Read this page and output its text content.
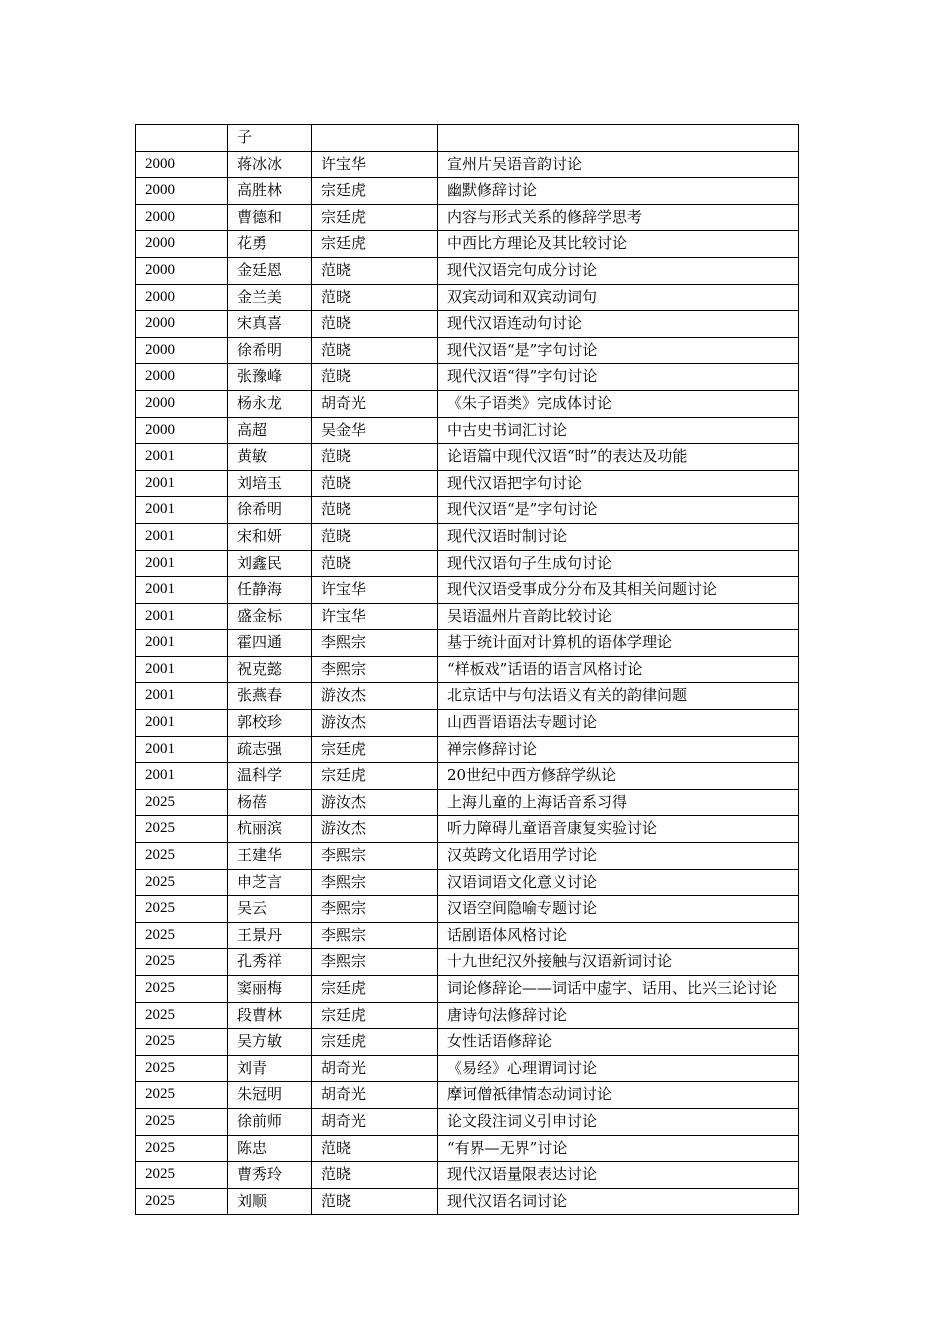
	子		
2000	蒋冰冰	许宝华	宣州片吴语音韵讨论
2000	高胜林	宗廷虎	幽默修辞讨论
2000	曹德和	宗廷虎	内容与形式关系的修辞学思考
2000	花勇	宗廷虎	中西比方理论及其比较讨论
2000	金廷恩	范晓	现代汉语完句成分讨论
2000	金兰美	范晓	双宾动词和双宾动词句
2000	宋真喜	范晓	现代汉语连动句讨论
2000	徐希明	范晓	现代汉语“是”字句讨论
2000	张豫峰	范晓	现代汉语“得”字句讨论
2000	杨永龙	胡奇光	《朱子语类》完成体讨论
2000	高超	吴金华	中古史书词汇讨论
2001	黄敏	范晓	论语篇中现代汉语“时”的表达及功能
2001	刘培玉	范晓	现代汉语把字句讨论
2001	徐希明	范晓	现代汉语“是”字句讨论
2001	宋和妍	范晓	现代汉语时制讨论
2001	刘鑫民	范晓	现代汉语句子生成句讨论
2001	任静海	许宝华	现代汉语受事成分分布及其相关问题讨论
2001	盛金标	许宝华	吴语温州片音韵比较讨论
2001	霍四通	李熙宗	基于统计面对计算机的语体学理论
2001	祝克懿	李熙宗	“样板戏”话语的语言风格讨论
2001	张燕春	游汝杰	北京话中与句法语义有关的韵律问题
2001	郭校珍	游汝杰	山西晋语语法专题讨论
2001	疏志强	宗廷虎	禅宗修辞讨论
2001	温科学	宗廷虎	20世纪中西方修辞学纵论
2025	杨蓓	游汝杰	上海儿童的上海话音系习得
2025	杭丽滨	游汝杰	听力障碍儿童语音康复实验讨论
2025	王建华	李熙宗	汉英跨文化语用学讨论
2025	申芝言	李熙宗	汉语词语文化意义讨论
2025	吴云	李熙宗	汉语空间隐喻专题讨论
2025	王景丹	李熙宗	话剧语体风格讨论
2025	孔秀祥	李熙宗	十九世纪汉外接触与汉语新词讨论
2025	窦丽梅	宗廷虎	词论修辞论——词话中虚字、话用、比兴三论讨论
2025	段曹林	宗廷虎	唐诗句法修辞讨论
2025	吴方敏	宗廷虎	女性话语修辞论
2025	刘青	胡奇光	《易经》心理谓词讨论
2025	朱冠明	胡奇光	摩诃僧祇律情态动词讨论
2025	徐前师	胡奇光	论文段注词义引申讨论
2025	陈忠	范晓	“有界—无界”讨论
2025	曹秀玲	范晓	现代汉语量限表达讨论
2025	刘顺	范晓	现代汉语名词讨论
